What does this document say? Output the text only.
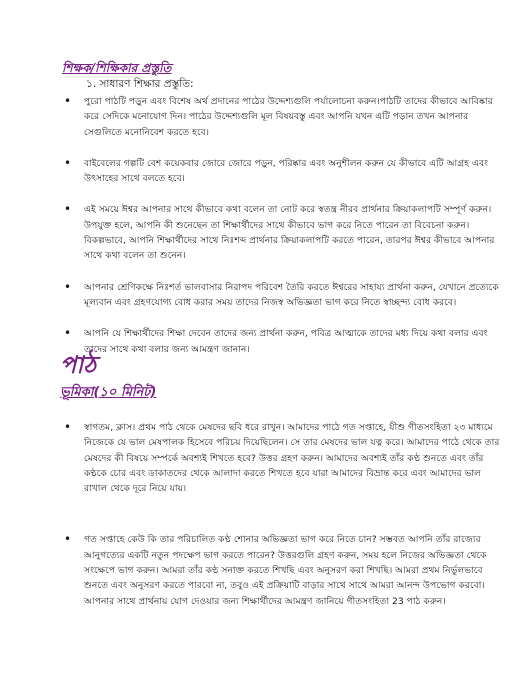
শিক্ষক/শিক্ষিকার প্রস্তুতি
১. সাধারণ শিক্ষার প্রস্তুতি:
• পুরো পাঠটি পড়ুন এবং বিশেষ অর্থ প্রদানের পাঠের উদ্দেশ্যগুলি পর্যালোচনা করুন।পাঠটি তাদের কীভাবে আবিষ্কার করে সেদিকে মনোযোগ দিন। পাঠের উদ্দেশ্যগুলি মূল বিষয়বস্তু এবং আপনি যখন এটি পড়ান তখন আপনার সেগুলিতে মনোনিবেশ করতে হবে।
• বাইবেলের গল্পটি বেশ কয়েকবার জোরে জোরে পড়ুন, পরিষ্কার এবং অনুশীলন করুন যে কীভাবে এটি আগ্রহ এবং উৎসাহের সাথে বলতে হবে।
• এই সময়ে ঈশ্বর আপনার সাথে কীভাবে কথা বলেন তা নোট করে স্বতন্ত্র নীরব প্রার্থনার ক্রিয়াকলাপটি সম্পূর্ণ করুন। উপযুক্ত হলে, আপনি কী শুনেছেন তা শিক্ষার্থীদের সাথে কীভাবে ভাগ করে নিতে পারেন তা বিবেচনা করুন। বিকল্পভাবে, আপনি শিক্ষার্থীদের সাথে নিঃশব্দ প্রার্থনার ক্রিয়াকলাপটি করতে পারেন, তারপর ঈশ্বর কীভাবে আপনার সাথে কথা বলেন তা শুনেন।
• আপনার শ্রেণিকক্ষে নিঃশর্ত ভালবাসার নিরাপদ পরিবেশ তৈরি করতে ঈশ্বরের সাহায্য প্রার্থনা করুন, যেখানে প্রত্যেকে মূল্যবান এবং গ্রহণযোগ্য বোধ করার সময় তাদের নিজস্ব অভিজ্ঞতা ভাগ করে নিতে স্বাচ্ছন্দ্য বোধ করবে।
• আপনি যে শিক্ষার্থীদের শিক্ষা দেবেন তাদের জন্য প্রার্থনা করুন, পবিত্র আত্মাকে তাদের মধ্য দিয়ে কথা বলার এবং তাদের সাথে কথা বলার জন্য আমন্ত্রণ জানান।
পাঠ
ভূমিকা(১০ মিনিট)
• স্বাগতম, ক্লাস। প্রথম পাঠ থেকে মেষদের ছবি ধরে রাখুন। আমাদের পাঠে গত সপ্তাহে, যীশু গীতসংহিতা ২৩ মাধ্যমে নিজেকে যে ভাল মেষপালক হিসেবে পরিচয় দিয়েছিলেন। সে তার মেষদের ভাল যত্ন করে। আমাদের পাঠে থেকে তার মেষদের কী বিষয়ে সম্পর্কে অবশ্যই শিখতে হবে? উত্তর গ্রহণ করুন। আমাদের অবশ্যই তাঁর কণ্ঠ শুনতে এবং তাঁর কণ্ঠকে চোর এবং ডাকাতদের থেকে আলাদা করতে শিখতে হবে যারা আমাদের বিভ্রান্ত করে এবং আমাদের ভাল রাখাল থেকে দূরে নিয়ে যায়।
• গত সপ্তাহে কেউ কি তার পরিচালিত কণ্ঠ শোনার অভিজ্ঞতা ভাগ করে নিতে চান? সম্ভবত আপনি তাঁর রাজ্যের আনুগত্যের একটি নতুন পদক্ষেপ ভাগ করতে পারেন? উত্তরগুলি গ্রহণ করুন, সময় হলে নিজের অভিজ্ঞতা থেকে সংক্ষেপে ভাগ করুন। আমরা তাঁর কণ্ঠ সনাক্ত করতে শিখছি এবং অনুসরণ করা শিখছি। আমরা প্রথম নির্ভুলভাবে শুনতে এবং অনুসরণ করতে পারবো না, তবুও এই প্রক্রিয়াটি বাড়ার সাথে সাথে আমরা আনন্দ উপভোগ করবো। আপনার সাথে প্রার্থনায় যোগ দেওয়ার জন্য শিক্ষার্থীদের আমন্ত্রণ জানিয়ে গীতসংহিতা 23 পাঠ করুন।
